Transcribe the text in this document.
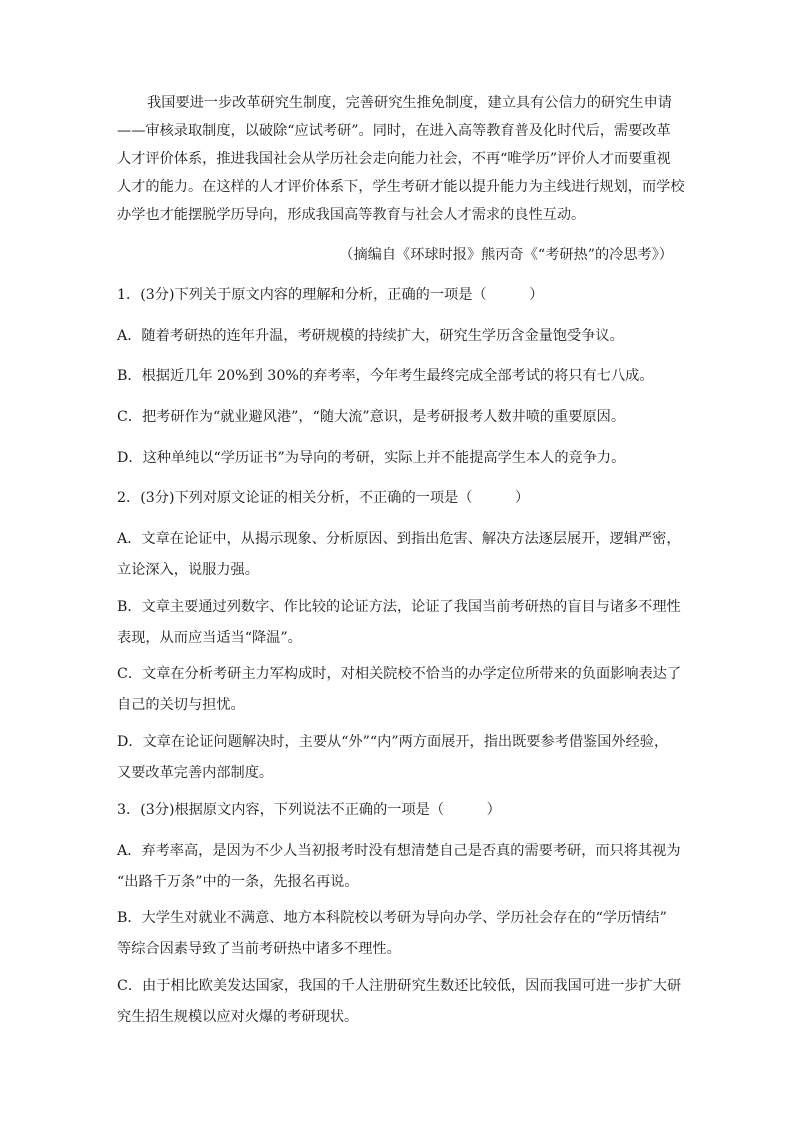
我国要进一步改革研究生制度，完善研究生推免制度，建立具有公信力的研究生申请
——审核录取制度，以破除“应试考研”。同时，在进入高等教育普及化时代后，需要改革
人才评价体系，推进我国社会从学历社会走向能力社会，不再“唯学历”评价人才而要重视
人才的能力。在这样的人才评价体系下，学生考研才能以提升能力为主线进行规划，而学校
办学也才能摆脱学历导向，形成我国高等教育与社会人才需求的良性互动。

（摘编自《环球时报》熊丙奇《“考研热”的冷思考》）

1．(3分)下列关于原文内容的理解和分析，正确的一项是（　　　）

A．随着考研热的连年升温，考研规模的持续扩大，研究生学历含金量饱受争议。

B．根据近几年 20%到 30%的弃考率，今年考生最终完成全部考试的将只有七八成。

C．把考研作为“就业避风港”，“随大流”意识，是考研报考人数井喷的重要原因。

D．这种单纯以“学历证书”为导向的考研，实际上并不能提高学生本人的竞争力。

2．(3分)下列对原文论证的相关分析，不正确的一项是（　　　）

A．文章在论证中，从揭示现象、分析原因、到指出危害、解决方法逐层展开，逻辑严密，
立论深入，说服力强。
B．文章主要通过列数字、作比较的论证方法，论证了我国当前考研热的盲目与诸多不理性
表现，从而应当适当“降温”。
C．文章在分析考研主力军构成时，对相关院校不恰当的办学定位所带来的负面影响表达了
自己的关切与担忧。
D．文章在论证问题解决时，主要从“外”“内”两方面展开，指出既要参考借鉴国外经验，
又要改革完善内部制度。

3．(3分)根据原文内容，下列说法不正确的一项是（　　　）

A．弃考率高，是因为不少人当初报考时没有想清楚自己是否真的需要考研，而只将其视为
“出路千万条”中的一条，先报名再说。
B．大学生对就业不满意、地方本科院校以考研为导向办学、学历社会存在的“学历情结”
等综合因素导致了当前考研热中诸多不理性。
C．由于相比欧美发达国家，我国的千人注册研究生数还比较低，因而我国可进一步扩大研
究生招生规模以应对火爆的考研现状。
